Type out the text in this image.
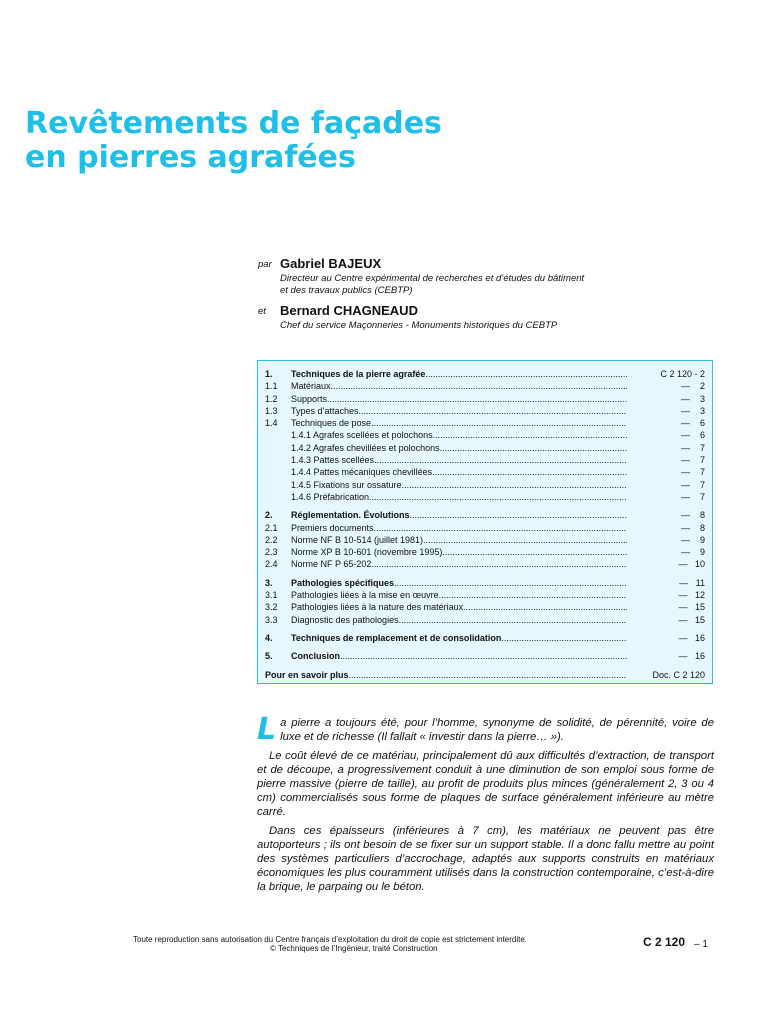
Revêtements de façades
en pierres agrafées
par Gabriel BAJEUX
Directeur au Centre expérimental de recherches et d’études du bâtiment
et des travaux publics (CEBTP)
et Bernard CHAGNEAUD
Chef du service Maçonneries - Monuments historiques du CEBTP
1.	Techniques de la pierre agrafée .....	C 2 120 - 2
1.1	Matériaux .....	—    2
1.2	Supports .....	—    3
1.3	Types d’attaches .....	—    3
1.4	Techniques de pose .....	—    6
1.4.1 Agrafes scellées et polochons .....	—    6
1.4.2 Agrafes chevillées et polochons .....	—    7
1.4.3 Pattes scellées .....	—    7
1.4.4 Pattes mécaniques chevillées .....	—    7
1.4.5 Fixations sur ossature .....	—    7
1.4.6 Préfabrication .....	—    7
2.	Réglementation. Évolutions .....	—    8
2.1	Premiers documents .....	—    8
2.2	Norme NF B 10-514 (juillet 1981) .....	—    9
2.3	Norme XP B 10-601 (novembre 1995) .....	—    9
2.4	Norme NF P 65-202 .....	—   10
3.	Pathologies spécifiques .....	—   11
3.1	Pathologies liées à la mise en œuvre .....	—   12
3.2	Pathologies liées à la nature des matériaux .....	—   15
3.3	Diagnostic des pathologies .....	—   15
4.	Techniques de remplacement et de consolidation .....	—   16
5.	Conclusion .....	—   16
Pour en savoir plus .....	Doc. C 2 120

La pierre a toujours été, pour l’homme, synonyme de solidité, de pérennité, voire de luxe et de richesse (Il fallait « investir dans la pierre… »).

Le coût élevé de ce matériau, principalement dû aux difficultés d’extraction, de transport et de découpe, a progressivement conduit à une diminution de son emploi sous forme de pierre massive (pierre de taille), au profit de produits plus minces (généralement 2, 3 ou 4 cm) commercialisés sous forme de plaques de surface généralement inférieure au mètre carré.

Dans ces épaisseurs (inférieures à 7 cm), les matériaux ne peuvent pas être autoporteurs ; ils ont besoin de se fixer sur un support stable. Il a donc fallu mettre au point des systèmes particuliers d’accrochage, adaptés aux supports construits en matériaux économiques les plus couramment utilisés dans la construction contemporaine, c’est-à-dire la brique, le parpaing ou le béton.

Toute reproduction sans autorisation du Centre français d’exploitation du droit de copie est strictement interdite.
© Techniques de l’Ingénieur, traité Construction	C 2 120 – 1
